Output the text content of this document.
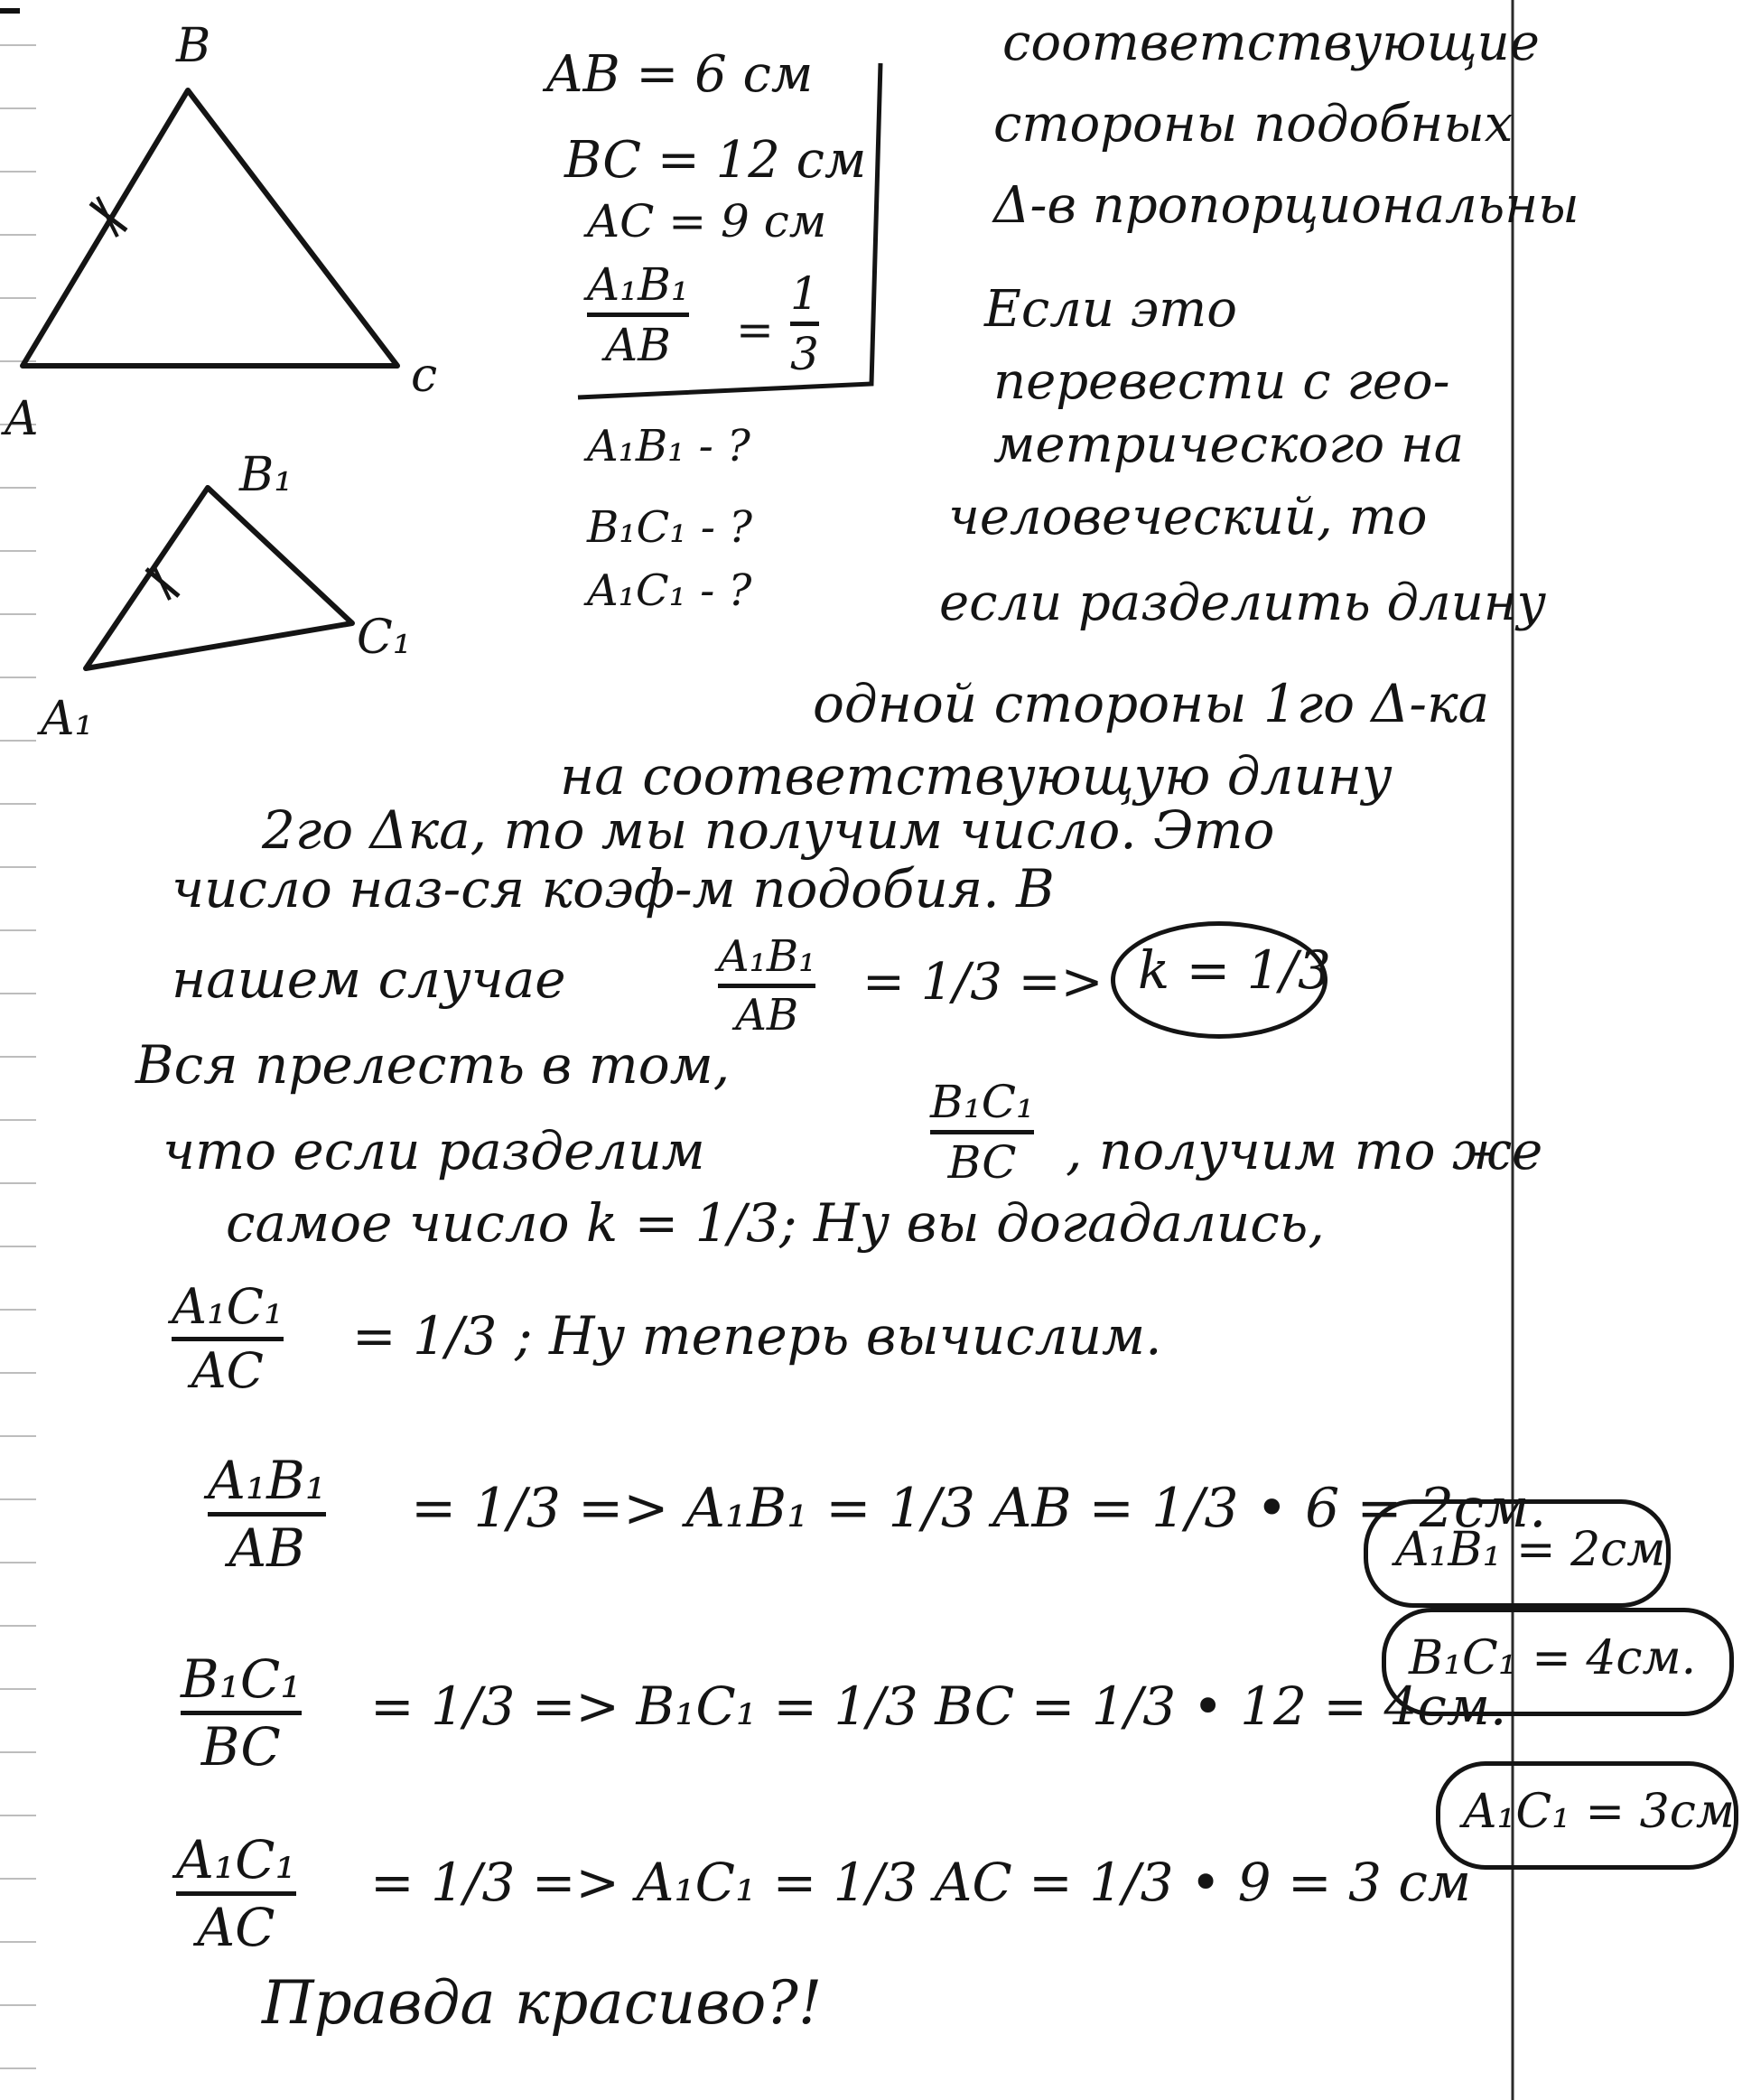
B
A
c
B₁
A₁
C₁
AB = 6 см
BC = 12 см
AC = 9 см
A₁B₁
AB =
1
3
A₁B₁ - ?
B₁C₁ - ?
A₁C₁ - ?
соответствующие
стороны подобных
Δ-в пропорциональны
Если это
перевести с гео-
метрического на
человеческий, то
если разделить длину
одной стороны 1го Δ-ка
на соответствующую длину
2го Δка, то мы получим число. Это
число наз-ся коэф-м подобия. В
нашем случае	A₁B₁
AB
= 1/3 => k = 1/3
Вся прелесть в том,
что если разделим
B₁C₁
BC , получим то же
самое число k = 1/3; Ну вы догадались,
A₁C₁
AC
= 1/3 ; Ну теперь вычислим.
A₁B₁
AB
= 1/3 => A₁B₁ = 1/3 AB = 1/3 • 6 = 2см.
B₁C₁
BC
= 1/3 => B₁C₁ = 1/3 BC = 1/3 • 12 = 4см.
A₁C₁
AC
= 1/3 => A₁C₁ = 1/3 AC = 1/3 • 9 = 3 см
A₁B₁ = 2см
B₁C₁ = 4см.
A₁C₁ = 3см
Правда красиво?!
